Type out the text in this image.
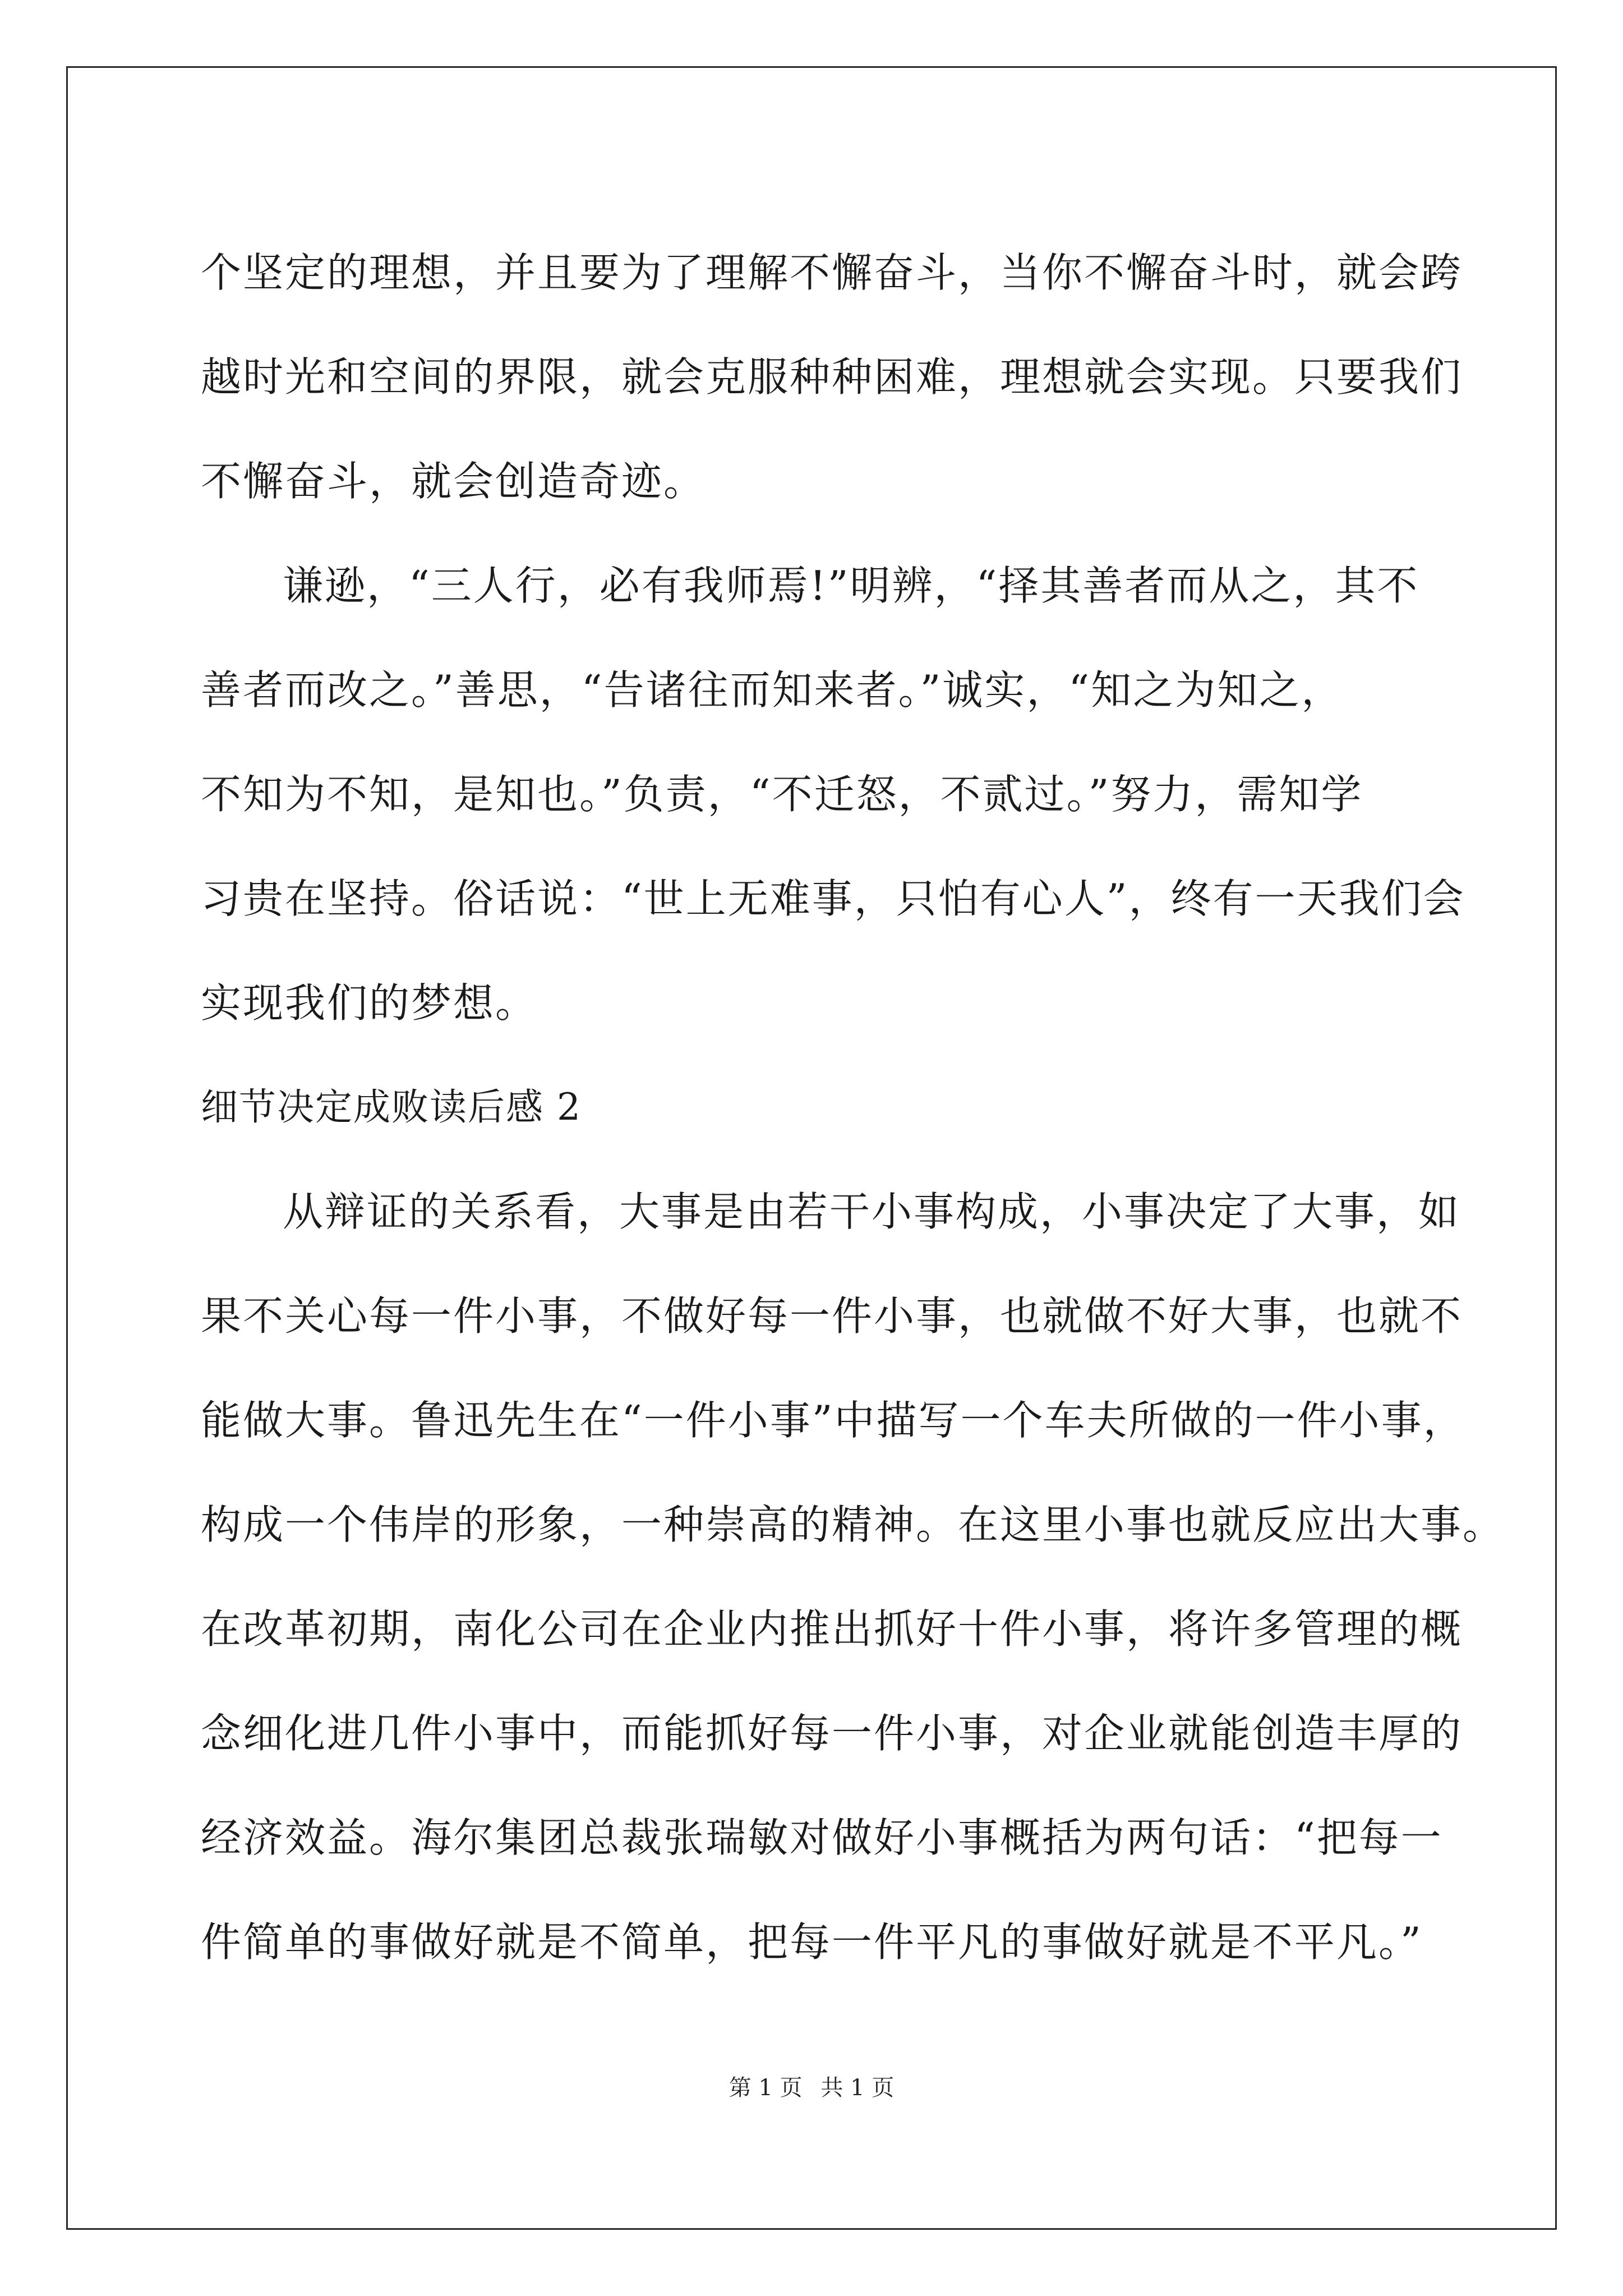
个坚定的理想，并且要为了理解不懈奋斗，当你不懈奋斗时，就会跨
越时光和空间的界限，就会克服种种困难，理想就会实现。只要我们
不懈奋斗，就会创造奇迹。
谦逊，“三人行，必有我师焉!”明辨，“择其善者而从之，其不
善者而改之。”善思，“告诸往而知来者。”诚实，“知之为知之，
不知为不知，是知也。”负责，“不迁怒，不贰过。”努力，需知学
习贵在坚持。俗话说：“世上无难事，只怕有心人”，终有一天我们会
实现我们的梦想。
细节决定成败读后感 2
从辩证的关系看，大事是由若干小事构成，小事决定了大事，如
果不关心每一件小事，不做好每一件小事，也就做不好大事，也就不
能做大事。鲁迅先生在“一件小事”中描写一个车夫所做的一件小事，
构成一个伟岸的形象，一种崇高的精神。在这里小事也就反应出大事。
在改革初期，南化公司在企业内推出抓好十件小事，将许多管理的概
念细化进几件小事中，而能抓好每一件小事，对企业就能创造丰厚的
经济效益。海尔集团总裁张瑞敏对做好小事概括为两句话：“把每一
件简单的事做好就是不简单，把每一件平凡的事做好就是不平凡。”
第 1 页 共 1 页
